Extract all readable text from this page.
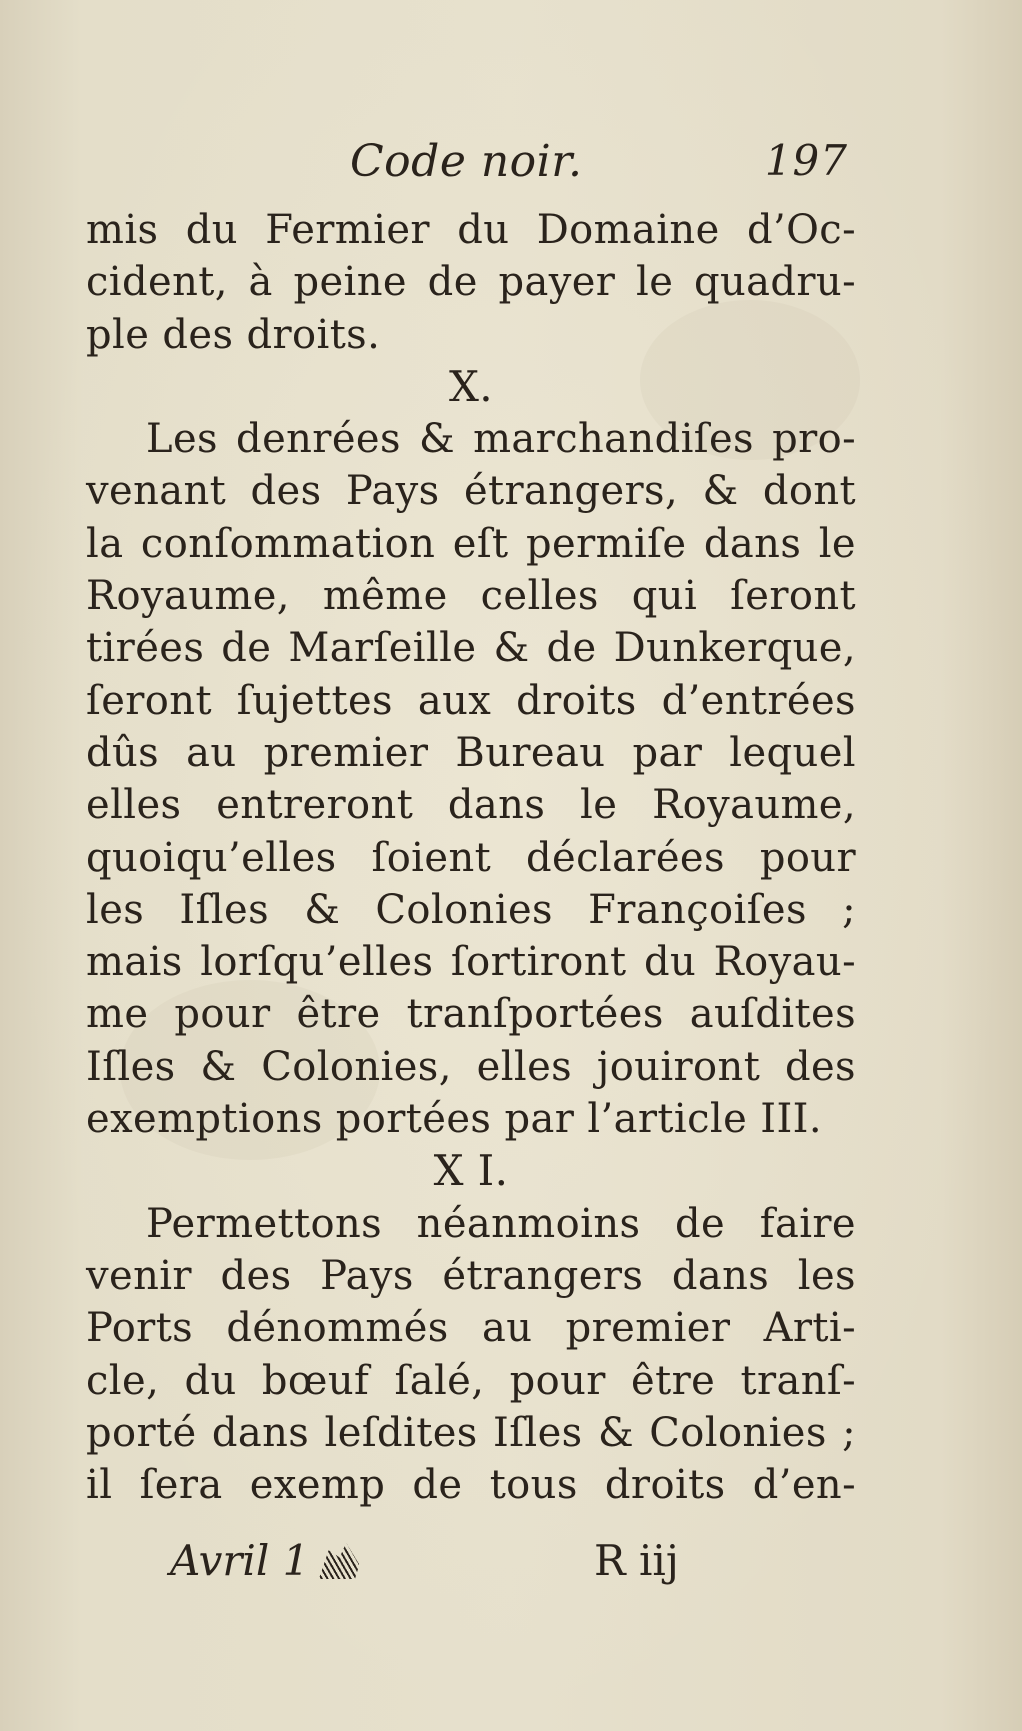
Code noir.	197
mis du Fermier du Domaine d’Oc-
cident, à peine de payer le quadru-
ple des droits.
X.
Les denrées & marchandiſes pro-
venant des Pays étrangers, & dont
la conſommation eſt permiſe dans le
Royaume, même celles qui ſeront
tirées de Marſeille & de Dunkerque,
ſeront ſujettes aux droits d’entrées
dûs au premier Bureau par lequel
elles entreront dans le Royaume,
quoiqu’elles ſoient déclarées pour
les Iſles & Colonies Françoiſes ;
mais lorſqu’elles ſortiront du Royau-
me pour être tranſportées auſdites
Iſles & Colonies, elles jouiront des
exemptions portées par l’article III.
X I.
Permettons néanmoins de faire
venir des Pays étrangers dans les
Ports dénommés au premier Arti-
cle, du bœuf ſalé, pour être tranſ-
porté dans leſdites Iſles & Colonies ;
il ſera exemp de tous droits d’en-
Avril 1	R iij
